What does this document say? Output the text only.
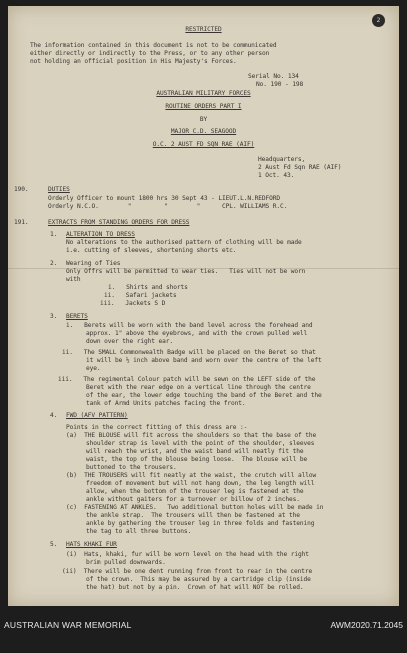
2
RESTRICTED
The information contained in this document is not to be communicated
either directly or indirectly to the Press, or to any other person
not holding an official position in His Majesty's Forces.
Serial No. 134
No. 190 - 198
AUSTRALIAN MILITARY FORCES
ROUTINE ORDERS PART I
BY
MAJOR C.D. SEAGOOD
O.C. 2 AUST FD SQN RAE (AIF)
Headquarters,
2 Aust Fd Sqn RAE (AIF)
1 Oct. 43.
190.	DUTIES
Orderly Officer to mount 1800 hrs 30 Sept 43 - LIEUT.L.N.REDFORD
Orderly N.C.O.        "         "        "      CPL. WILLIAMS R.C.
191.	EXTRACTS FROM STANDING ORDERS FOR DRESS
1. ALTERATION TO DRESS
No alterations to the authorised pattern of clothing will be made
i.e. cutting of sleeves, shortening shorts etc.
2. Wearing of Ties
Only Offrs will be permitted to wear ties.   Ties will not be worn
with
i.   Shirts and shorts
ii.   Safari jackets
iii.   Jackets S D
3. BERETS
i.   Berets will be worn with the band level across the forehead and
approx. 1" above the eyebrows, and with the crown pulled well
down over the right ear.
ii.   The SMALL Commonwealth Badge will be placed on the Beret so that
it will be ½ inch above band and worn over the centre of the left
eye.
iii.   The regimental Colour patch will be sewn on the LEFT side of the
Beret with the rear edge on a vertical line through the centre
of the ear, the lower edge touching the band of the Beret and the
tank of Armd Units patches facing the front.
4. FWD (AFV PATTERN)
Points in the correct fitting of this dress are :-
(a)  THE BLOUSE will fit across the shoulders so that the base of the
shoulder strap is level with the point of the shoulder, sleeves
will reach the wrist, and the waist band will neatly fit the
waist, the top of the blouse being loose.  The blouse will be
buttoned to the trousers.
(b)  THE TROUSERS will fit neatly at the waist, the crutch will allow
freedom of movement but will not hang down, the leg length will
allow, when the bottom of the trouser leg is fastened at the
ankle without gaiters for a turnover or billow of 2 inches.
(c)  FASTENING AT ANKLES.   Two additional button holes will be made in
the ankle strap.  The trousers will then be fastened at the
ankle by gathering the trouser leg in three folds and fastening
the tag to all three buttons.
5. HATS KHAKI FUR
(i)  Hats, khaki, fur will be worn level on the head with the right
brim pulled downwards.
(ii)  There will be one dent running from front to rear in the centre
of the crown.  This may be assured by a cartridge clip (inside
the hat) but not by a pin.  Crown of hat will NOT be rolled.
AUSTRALIAN WAR MEMORIAL	AWM2020.71.2045
